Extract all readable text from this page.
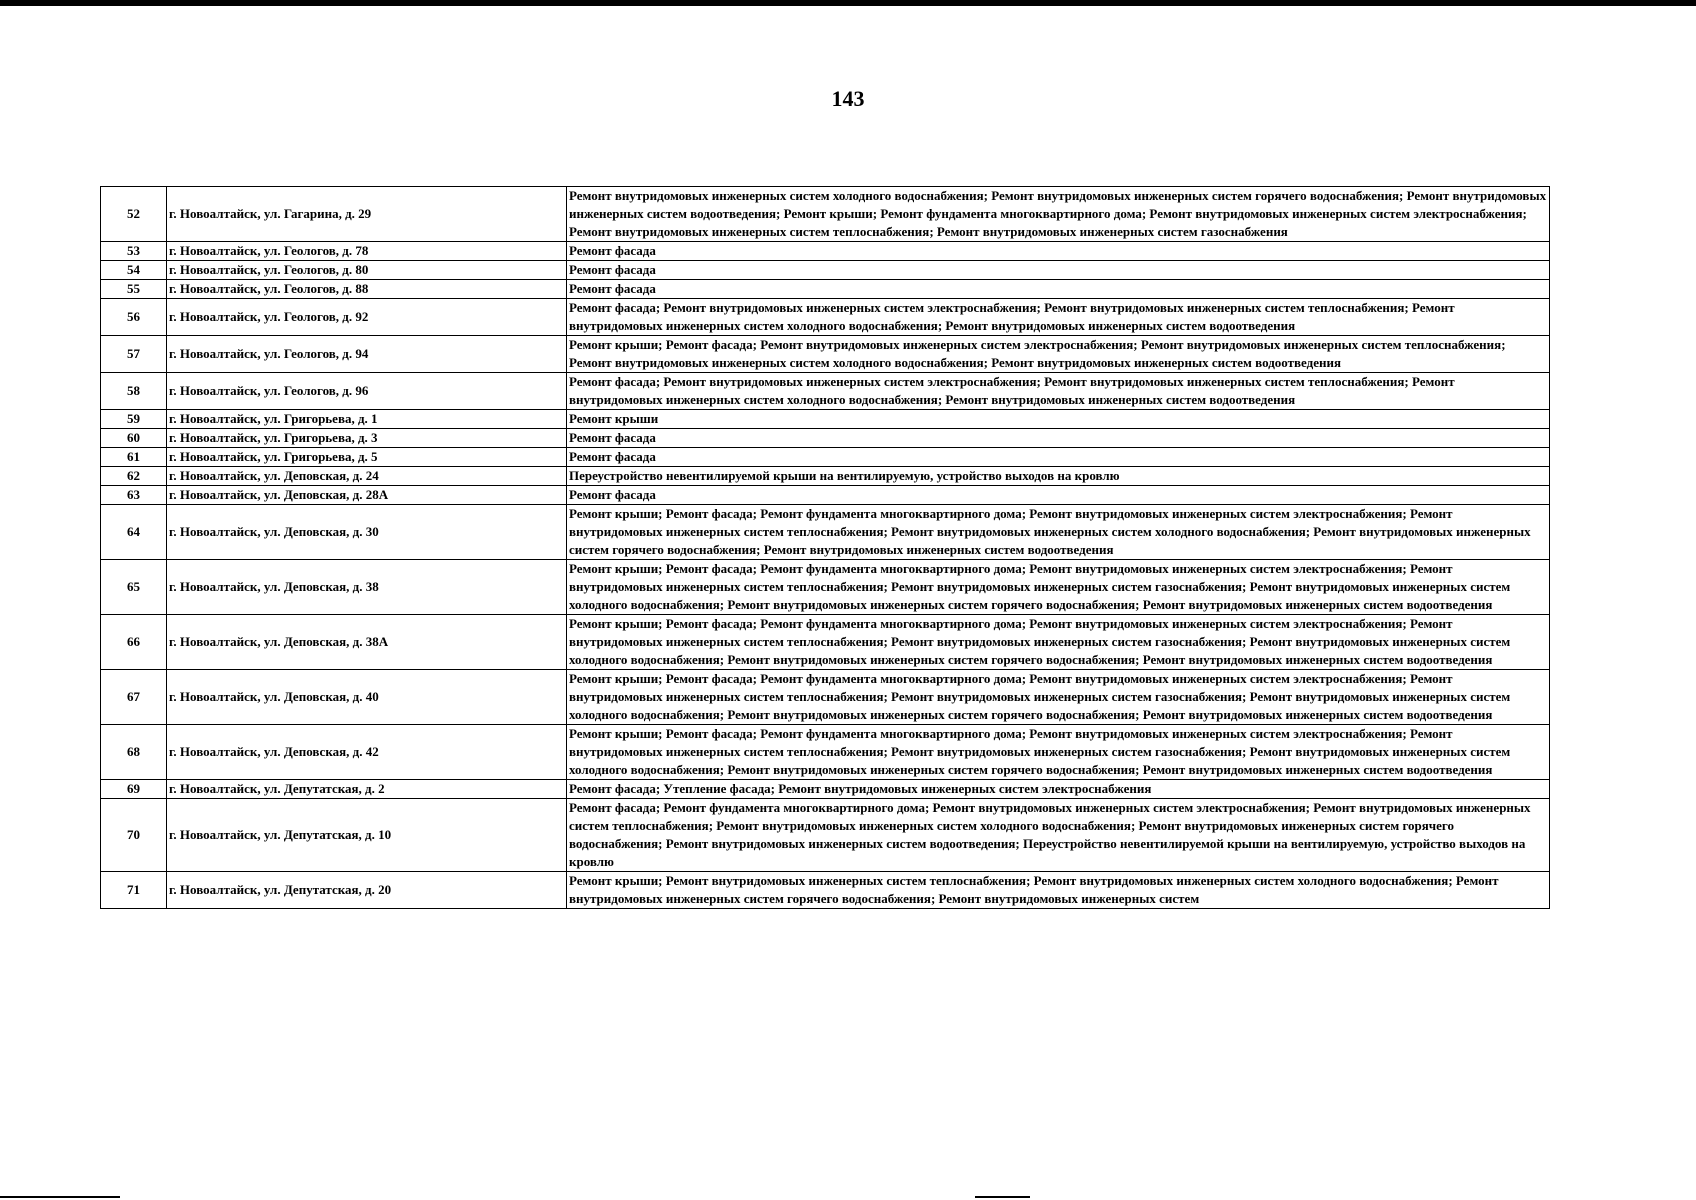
143
52	г. Новоалтайск, ул. Гагарина, д. 29	Ремонт внутридомовых инженерных систем холодного водоснабжения; Ремонт внутридомовых инженерных систем горячего водоснабжения; Ремонт внутридомовых инженерных систем водоотведения; Ремонт крыши; Ремонт фундамента многоквартирного дома; Ремонт внутридомовых инженерных систем электроснабжения; Ремонт внутридомовых инженерных систем теплоснабжения; Ремонт внутридомовых инженерных систем газоснабжения
53	г. Новоалтайск, ул. Геологов, д. 78	Ремонт фасада
54	г. Новоалтайск, ул. Геологов, д. 80	Ремонт фасада
55	г. Новоалтайск, ул. Геологов, д. 88	Ремонт фасада
56	г. Новоалтайск, ул. Геологов, д. 92	Ремонт фасада; Ремонт внутридомовых инженерных систем электроснабжения; Ремонт внутридомовых инженерных систем теплоснабжения; Ремонт внутридомовых инженерных систем холодного водоснабжения; Ремонт внутридомовых инженерных систем водоотведения
57	г. Новоалтайск, ул. Геологов, д. 94	Ремонт крыши; Ремонт фасада; Ремонт внутридомовых инженерных систем электроснабжения; Ремонт внутридомовых инженерных систем теплоснабжения; Ремонт внутридомовых инженерных систем холодного водоснабжения; Ремонт внутридомовых инженерных систем водоотведения
58	г. Новоалтайск, ул. Геологов, д. 96	Ремонт фасада; Ремонт внутридомовых инженерных систем электроснабжения; Ремонт внутридомовых инженерных систем теплоснабжения; Ремонт внутридомовых инженерных систем холодного водоснабжения; Ремонт внутридомовых инженерных систем водоотведения
59	г. Новоалтайск, ул. Григорьева, д. 1	Ремонт крыши
60	г. Новоалтайск, ул. Григорьева, д. 3	Ремонт фасада
61	г. Новоалтайск, ул. Григорьева, д. 5	Ремонт фасада
62	г. Новоалтайск, ул. Деповская, д. 24	Переустройство невентилируемой крыши на вентилируемую, устройство выходов на кровлю
63	г. Новоалтайск, ул. Деповская, д. 28А	Ремонт фасада
64	г. Новоалтайск, ул. Деповская, д. 30	Ремонт крыши; Ремонт фасада; Ремонт фундамента многоквартирного дома; Ремонт внутридомовых инженерных систем электроснабжения; Ремонт внутридомовых инженерных систем теплоснабжения; Ремонт внутридомовых инженерных систем холодного водоснабжения; Ремонт внутридомовых инженерных систем горячего водоснабжения; Ремонт внутридомовых инженерных систем водоотведения
65	г. Новоалтайск, ул. Деповская, д. 38	Ремонт крыши; Ремонт фасада; Ремонт фундамента многоквартирного дома; Ремонт внутридомовых инженерных систем электроснабжения; Ремонт внутридомовых инженерных систем теплоснабжения; Ремонт внутридомовых инженерных систем газоснабжения; Ремонт внутридомовых инженерных систем холодного водоснабжения; Ремонт внутридомовых инженерных систем горячего водоснабжения; Ремонт внутридомовых инженерных систем водоотведения
66	г. Новоалтайск, ул. Деповская, д. 38А	Ремонт крыши; Ремонт фасада; Ремонт фундамента многоквартирного дома; Ремонт внутридомовых инженерных систем электроснабжения; Ремонт внутридомовых инженерных систем теплоснабжения; Ремонт внутридомовых инженерных систем газоснабжения; Ремонт внутридомовых инженерных систем холодного водоснабжения; Ремонт внутридомовых инженерных систем горячего водоснабжения; Ремонт внутридомовых инженерных систем водоотведения
67	г. Новоалтайск, ул. Деповская, д. 40	Ремонт крыши; Ремонт фасада; Ремонт фундамента многоквартирного дома; Ремонт внутридомовых инженерных систем электроснабжения; Ремонт внутридомовых инженерных систем теплоснабжения; Ремонт внутридомовых инженерных систем газоснабжения; Ремонт внутридомовых инженерных систем холодного водоснабжения; Ремонт внутридомовых инженерных систем горячего водоснабжения; Ремонт внутридомовых инженерных систем водоотведения
68	г. Новоалтайск, ул. Деповская, д. 42	Ремонт крыши; Ремонт фасада; Ремонт фундамента многоквартирного дома; Ремонт внутридомовых инженерных систем электроснабжения; Ремонт внутридомовых инженерных систем теплоснабжения; Ремонт внутридомовых инженерных систем газоснабжения; Ремонт внутридомовых инженерных систем холодного водоснабжения; Ремонт внутридомовых инженерных систем горячего водоснабжения; Ремонт внутридомовых инженерных систем водоотведения
69	г. Новоалтайск, ул. Депутатская, д. 2	Ремонт фасада; Утепление фасада; Ремонт внутридомовых инженерных систем электроснабжения
70	г. Новоалтайск, ул. Депутатская, д. 10	Ремонт фасада; Ремонт фундамента многоквартирного дома; Ремонт внутридомовых инженерных систем электроснабжения; Ремонт внутридомовых инженерных систем теплоснабжения; Ремонт внутридомовых инженерных систем холодного водоснабжения; Ремонт внутридомовых инженерных систем горячего водоснабжения; Ремонт внутридомовых инженерных систем водоотведения; Переустройство невентилируемой крыши на вентилируемую, устройство выходов на кровлю
71	г. Новоалтайск, ул. Депутатская, д. 20	Ремонт крыши; Ремонт внутридомовых инженерных систем теплоснабжения; Ремонт внутридомовых инженерных систем холодного водоснабжения; Ремонт внутридомовых инженерных систем горячего водоснабжения; Ремонт внутридомовых инженерных систем
